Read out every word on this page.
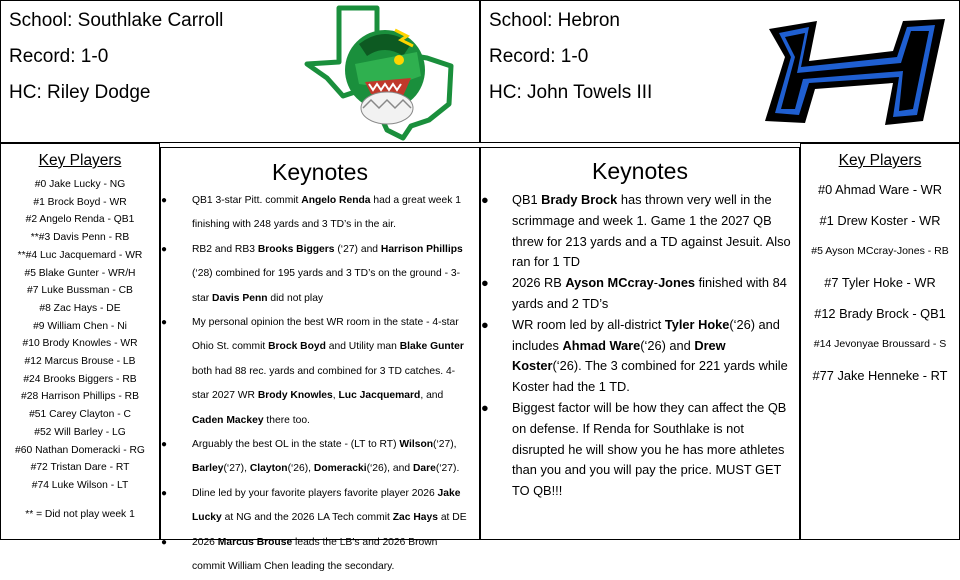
School: Southlake Carroll
Record: 1-0
HC: Riley Dodge
School: Hebron
Record: 1-0
HC: John Towels III
Key Players
#0 Jake Lucky - NG
#1 Brock Boyd - WR
#2 Angelo Renda - QB1
**#3 Davis Penn - RB
**#4 Luc Jacquemard - WR
#5 Blake Gunter - WR/H
#7 Luke Bussman - CB
#8 Zac Hays - DE
#9 William Chen - Ni
#10 Brody Knowles - WR
#12 Marcus Brouse - LB
#24 Brooks Biggers - RB
#28 Harrison Phillips - RB
#51 Carey Clayton - C
#52 Will Barley - LG
#60 Nathan Domeracki - RG
#72 Tristan Dare - RT
#74 Luke Wilson - LT
** = Did not play week 1
Keynotes
● QB1 3-star Pitt. commit Angelo Renda had a great week 1 finishing with 248 yards and 3 TD’s in the air.
● RB2 and RB3 Brooks Biggers (‘27) and Harrison Phillips (‘28) combined for 195 yards and 3 TD’s on the ground - 3-star Davis Penn did not play
● My personal opinion the best WR room in the state - 4-star Ohio St. commit Brock Boyd and Utility man Blake Gunter both had 88 rec. yards and combined for 3 TD catches. 4-star 2027 WR Brody Knowles, Luc Jacquemard, and Caden Mackey there too.
● Arguably the best OL in the state - (LT to RT) Wilson(‘27), Barley(‘27), Clayton(‘26), Domeracki(‘26), and Dare(‘27).
● Dline led by your favorite players favorite player 2026 Jake Lucky at NG and the 2026 LA Tech commit Zac Hays at DE
● 2026 Marcus Brouse leads the LB’s and 2026 Brown commit William Chen leading the secondary.
Keynotes
● QB1 Brady Brock has thrown very well in the scrimmage and week 1. Game 1 the 2027 QB threw for 213 yards and a TD against Jesuit. Also ran for 1 TD
● 2026 RB Ayson MCcray-Jones finished with 84 yards and 2 TD’s
● WR room led by all-district Tyler Hoke(‘26) and includes Ahmad Ware(‘26) and Drew Koster(‘26). The 3 combined for 221 yards while Koster had the 1 TD.
● Biggest factor will be how they can affect the QB on defense. If Renda for Southlake is not disrupted he will show you he has more athletes than you and you will pay the price. MUST GET TO QB!!!
Key Players
#0 Ahmad Ware - WR
#1 Drew Koster - WR
#5 Ayson MCcray-Jones - RB
#7 Tyler Hoke - WR
#12 Brady Brock - QB1
#14 Jevonyae Broussard - S
#77 Jake Henneke - RT
